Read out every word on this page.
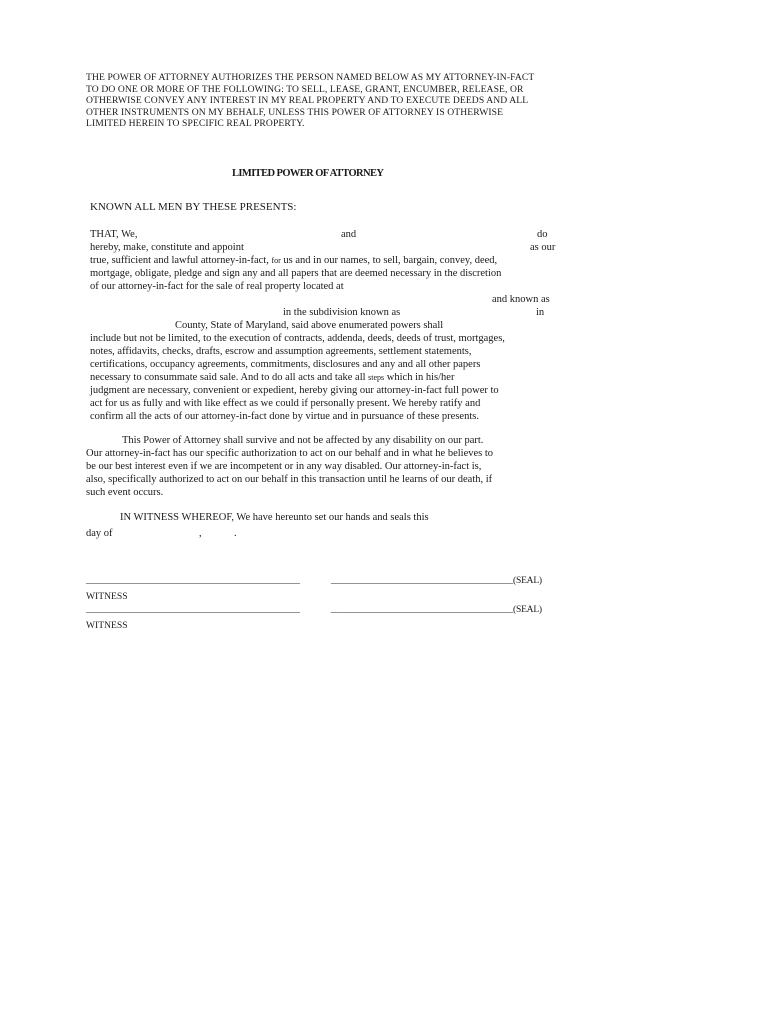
THE POWER OF ATTORNEY AUTHORIZES THE PERSON NAMED BELOW AS MY ATTORNEY-IN-FACT
TO DO ONE OR MORE OF THE FOLLOWING: TO SELL, LEASE, GRANT, ENCUMBER, RELEASE, OR
OTHERWISE CONVEY ANY INTEREST IN MY REAL PROPERTY AND TO EXECUTE DEEDS AND ALL
OTHER INSTRUMENTS ON MY BEHALF, UNLESS THIS POWER OF ATTORNEY IS OTHERWISE
LIMITED HEREIN TO SPECIFIC REAL PROPERTY.
LIMITED POWER OF ATTORNEY
KNOWN ALL MEN BY THESE PRESENTS:
THAT, We,	and	do
hereby, make, constitute and appoint	as our
true, sufficient and lawful attorney-in-fact, for us and in our names, to sell, bargain, convey, deed,
mortgage, obligate, pledge and sign any and all papers that are deemed necessary in the discretion
of our attorney-in-fact for the sale of real property located at
and known as
in the subdivision known as	in
County, State of Maryland, said above enumerated powers shall
include but not be limited, to the execution of contracts, addenda, deeds, deeds of trust, mortgages,
notes, affidavits, checks, drafts, escrow and assumption agreements, settlement statements,
certifications, occupancy agreements, commitments, disclosures and any and all other papers
necessary to consummate said sale. And to do all acts and take all steps which in his/her
judgment are necessary, convenient or expedient, hereby giving our attorney-in-fact full power to
act for us as fully and with like effect as we could if personally present. We hereby ratify and
confirm all the acts of our attorney-in-fact done by virtue and in pursuance of these presents.
This Power of Attorney shall survive and not be affected by any disability on our part.
Our attorney-in-fact has our specific authorization to act on our behalf and in what he believes to
be our best interest even if we are incompetent or in any way disabled. Our attorney-in-fact is,
also, specifically authorized to act on our behalf in this transaction until he learns of our death, if
such event occurs.
IN WITNESS WHEREOF, We have hereunto set our hands and seals this
day of	,	.
_______________________________________________	________________________________________(SEAL)
WITNESS
_______________________________________________	________________________________________(SEAL)
WITNESS
